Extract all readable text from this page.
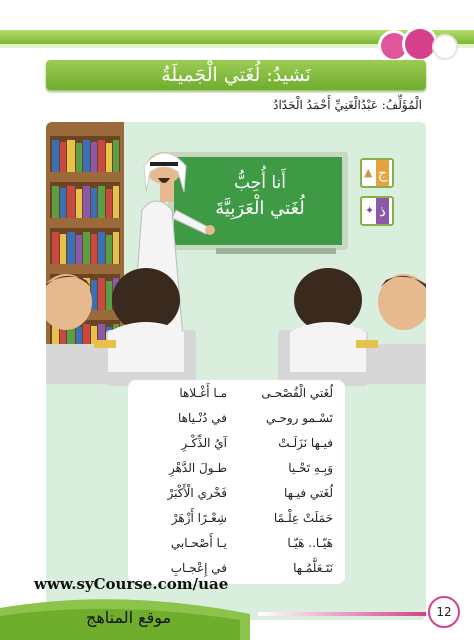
نَشيدُ: لُغَتي الْجَميلَةُ
الْمُؤَلِّفُ: عَبْدُالْغَنِيِّ أَحْمَدُ الْحَدّادُ
أَنا أُحِبُّ
لُغَتي الْعَرَبِيَّةَ
▲ ج
✦ ذ
لُغَتي الْفُصْحـى
مـا أَغْـلاها
تَسْـمو روحـي
في دُنْـياها
فيـها نَزَلَـتْ
آيُ الذِّكْـرِ
وَبِـهِ تَحْـيا
طـولَ الدَّهْرِ
لُغَتي فيـها
فَخْري الْأَكْبَرْ
حَمَلَتْ عِلْـمًا
شِعْـرًا أَزْهَرْ
هَيّـا.. هَيّـا
يـا أَصْحـابي
نَتَـعَلَّمُـها
في إِعْجـابِ
www.syCourse.com/uae
موقع المناهج	12
